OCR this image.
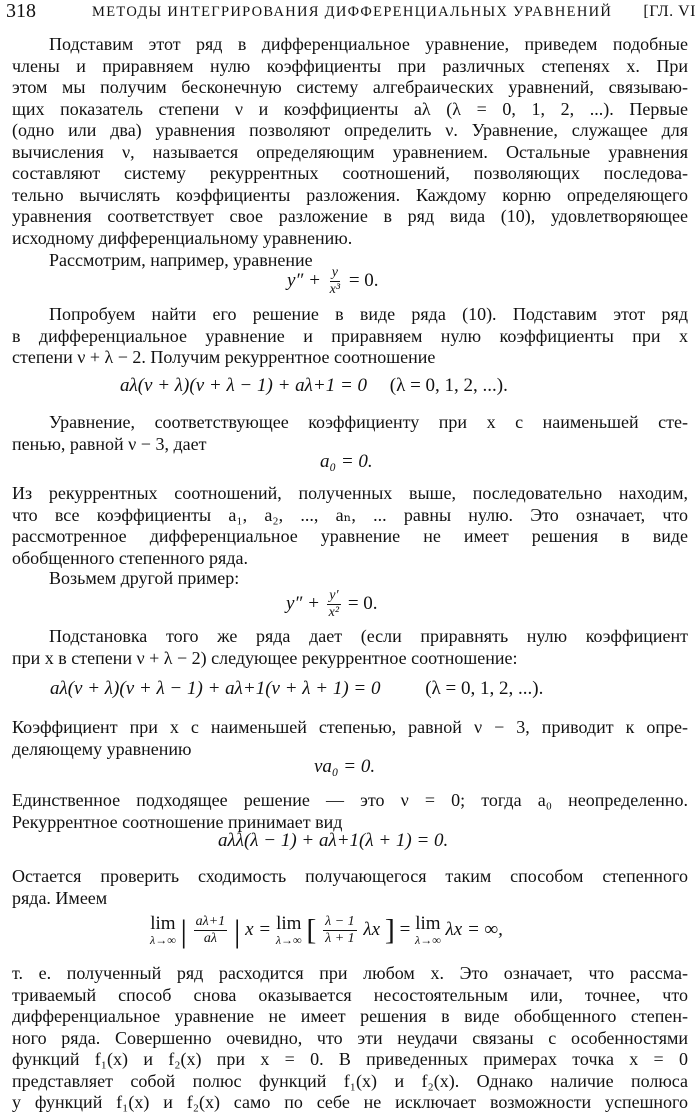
318	МЕТОДЫ ИНТЕГРИРОВАНИЯ ДИФФЕРЕНЦИАЛЬНЫХ УРАВНЕНИЙ [ГЛ. VI
Подставим этот ряд в дифференциальное уравнение, приведем подобные
члены и приравняем нулю коэффициенты при различных степенях x. При
этом мы получим бесконечную систему алгебраических уравнений, связываю-
щих показатель степени ν и коэффициенты aλ (λ = 0, 1, 2, ...). Первые
(одно или два) уравнения позволяют определить ν. Уравнение, служащее для
вычисления ν, называется определяющим уравнением. Остальные уравнения
составляют систему рекуррентных соотношений, позволяющих последова-
тельно вычислять коэффициенты разложения. Каждому корню определяющего
уравнения соответствует свое разложение в ряд вида (10), удовлетворяющее
исходному дифференциальному уравнению.
Рассмотрим, например, уравнение
$y'' + \frac{y}{\text{x³}} = 0$.
Попробуем найти его решение в виде ряда (10). Подставим этот ряд
в дифференциальное уравнение и приравняем нулю коэффициенты при x
степени ν + λ − 2. Получим рекуррентное соотношение
aλ(ν + λ)(ν + λ − 1) + aλ+1 = 0 (λ = 0, 1, 2, ...).
Уравнение, соответствующее коэффициенту при x с наименьшей сте-
пенью, равной ν − 3, дает
a₀ = 0.
Из рекуррентных соотношений, полученных выше, последовательно находим,
что все коэффициенты a₁, a₂, ..., aₙ, ... равны нулю. Это означает, что
рассмотренное дифференциальное уравнение не имеет решения в виде
обобщенного степенного ряда.
Возьмем другой пример:
$y'' + \frac{y'}{\text{x²}} = 0$.
Подстановка того же ряда дает (если приравнять нулю коэффициент
при x в степени ν + λ − 2) следующее рекуррентное соотношение:
aλ(ν + λ)(ν + λ − 1) + aλ+1(ν + λ + 1) = 0 (λ = 0, 1, 2, ...).
Коэффициент при x с наименьшей степенью, равной ν − 3, приводит к опре-
деляющему уравнению
νa₀ = 0.
Единственное подходящее решение — это ν = 0; тогда a₀ неопределенно.
Рекуррентное соотношение принимает вид
aλλ(λ − 1) + aλ+1(λ + 1) = 0.
Остается проверить сходимость получающегося таким способом степенного
ряда. Имеем
lim
λ→∞ | $\frac{a\lambda+1}{a\lambda}$ | x = lim
λ→∞ [ $\frac{\lambda - 1}{\lambda + 1}$ λx ] = lim
λ→∞ λx = ∞,
т. е. полученный ряд расходится при любом x. Это означает, что рассма-
триваемый способ снова оказывается несостоятельным или, точнее, что
дифференциальное уравнение не имеет решения в виде обобщенного степен-
ного ряда. Совершенно очевидно, что эти неудачи связаны с особенностями
функций f₁(x) и f₂(x) при x = 0. В приведенных примерах точка x = 0
представляет собой полюс функций f₁(x) и f₂(x). Однако наличие полюса
у функций f₁(x) и f₂(x) само по себе не исключает возможности успешного
